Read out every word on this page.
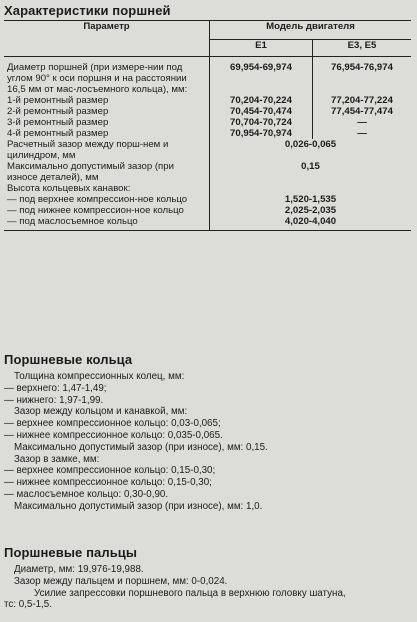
Характеристики поршней
Параметр	Модель двигателя	
	E1	E3, E5
Диаметр поршней (при измере-нии под углом 90° к оси поршня и на расстоянии 16,5 мм от мас-лосъемного кольца), мм:	69,954-69,974	76,954-76,974
1-й ремонтный размер	70,204-70,224	77,204-77,224
2-й ремонтный размер	70,454-70,474	77,454-77,474
3-й ремонтный размер	70,704-70,724	—
4-й ремонтный размер	70,954-70,974	—
Расчетный зазор между порш-нем и цилиндром, мм	0,026-0,065	
Максимально допустимый зазор (при износе деталей), мм	0,15	
Высота кольцевых канавок:		
— под верхнее компрессион-ное кольцо	1,520-1,535	
— под нижнее компрессион-ное кольцо	2,025-2,035	
— под маслосъемное кольцо	4,020-4,040	
Поршневые кольца

Толщина компрессионных колец, мм:

— верхнего: 1,47-1,49;

— нижнего: 1,97-1,99.

Зазор между кольцом и канавкой, мм:

— верхнее компрессионное кольцо: 0,03-0,065;

— нижнее компрессионное кольцо: 0,035-0,065.

Максимально допустимый зазор (при износе), мм: 0,15.

Зазор в замке, мм:

— верхнее компрессионное кольцо: 0,15-0,30;

— нижнее компрессионное кольцо: 0,15-0,30;

— маслосъемное кольцо: 0,30-0,90.

Максимально допустимый зазор (при износе), мм: 1,0.

Поршневые пальцы

Диаметр, мм: 19,976-19,988.

Зазор между пальцем и поршнем, мм: 0-0,024.

Усилие запрессовки поршневого пальца в верхнюю головку шатуна,

тс: 0,5-1,5.
